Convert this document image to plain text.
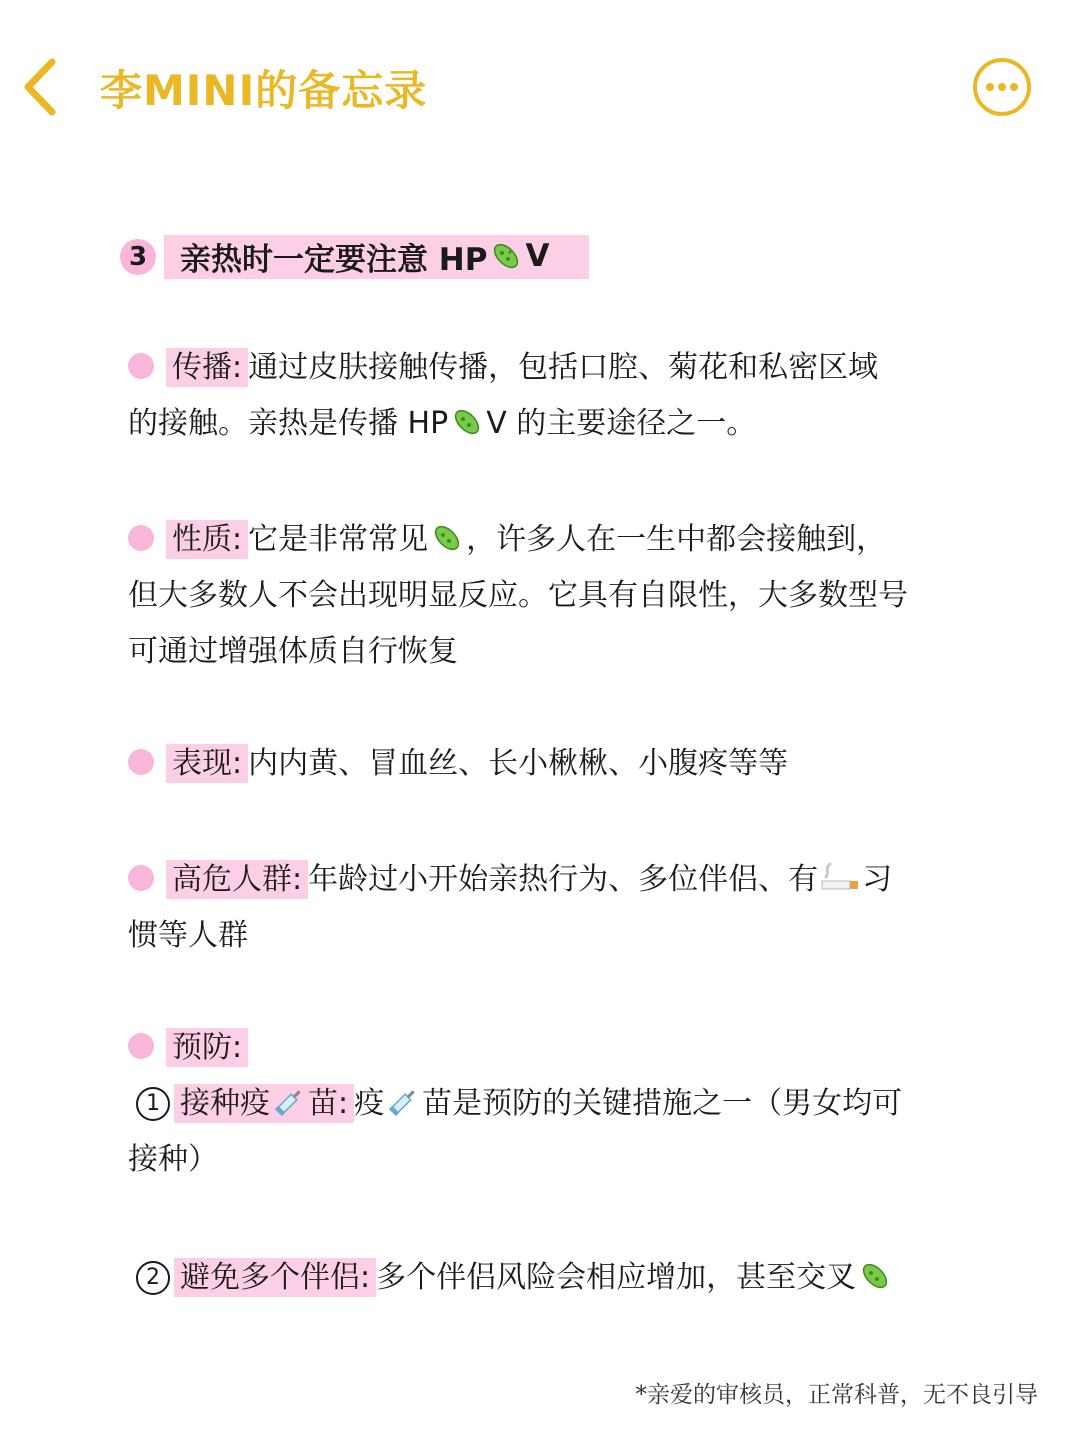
李MINI的备忘录
3 亲热时一定要注意 HP V
传播: 通过皮肤接触传播，包括口腔、菊花和私密区域
的接触。亲热是传播 HP V 的主要途径之一。
性质: 它是非常常见 ，许多人在一生中都会接触到，
但大多数人不会出现明显反应。它具有自限性，大多数型号
可通过增强体质自行恢复
表现: 内内黄、冒血丝、长小楸楸、小腹疼等等
高危人群: 年龄过小开始亲热行为、多位伴侣、有 习
惯等人群
预防:
1 接种疫 苗: 疫 苗是预防的关键措施之一（男女均可
接种）
2 避免多个伴侣: 多个伴侣风险会相应增加，甚至交叉
*亲爱的审核员，正常科普，无不良引导
